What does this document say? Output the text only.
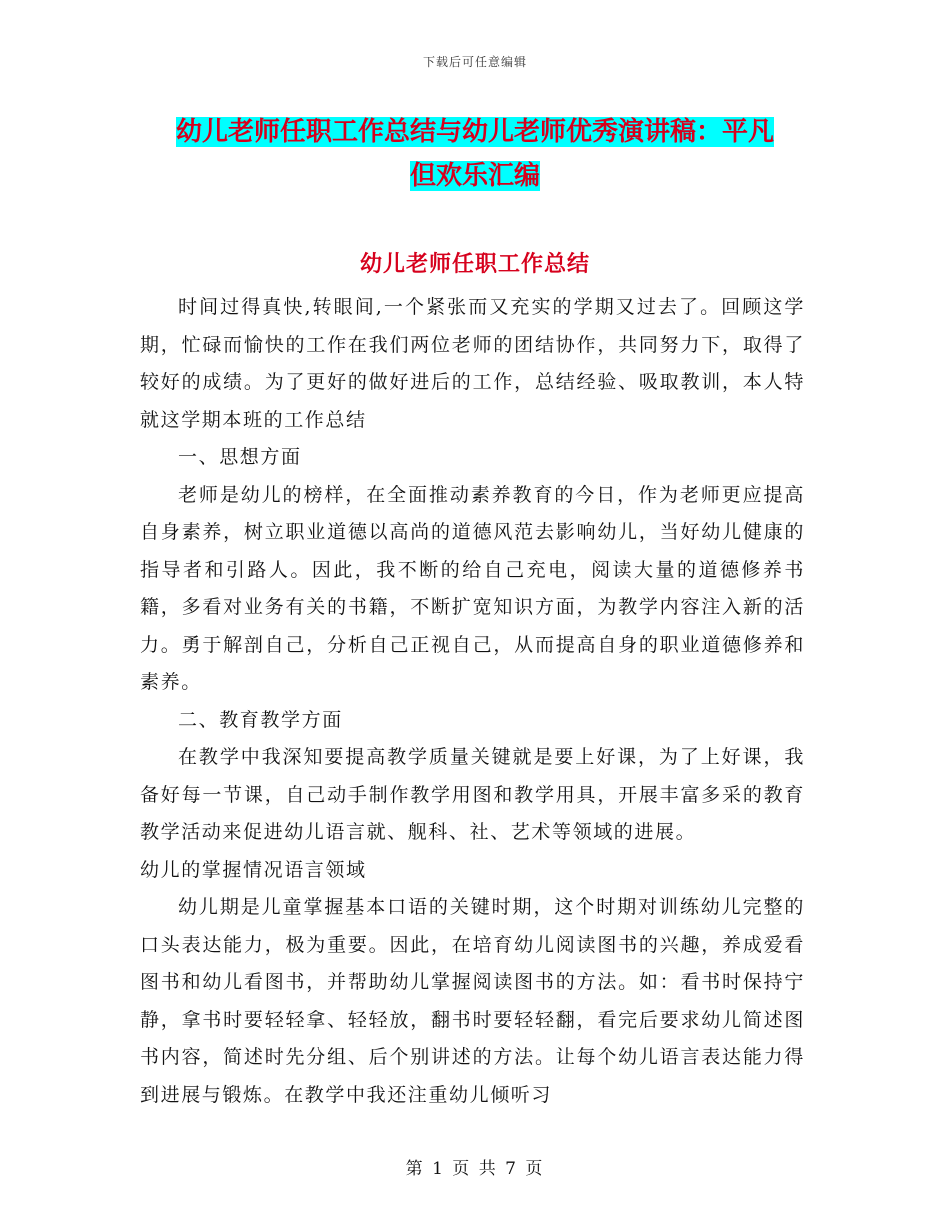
下载后可任意编辑
幼儿老师任职工作总结与幼儿老师优秀演讲稿：平凡
但欢乐汇编
幼儿老师任职工作总结

时间过得真快,转眼间,一个紧张而又充实的学期又过去了。回顾这学期，忙碌而愉快的工作在我们两位老师的团结协作，共同努力下，取得了较好的成绩。为了更好的做好进后的工作，总结经验、吸取教训，本人特就这学期本班的工作总结

一、思想方面

老师是幼儿的榜样，在全面推动素养教育的今日，作为老师更应提高自身素养，树立职业道德以高尚的道德风范去影响幼儿，当好幼儿健康的指导者和引路人。因此，我不断的给自己充电，阅读大量的道德修养书籍，多看对业务有关的书籍，不断扩宽知识方面，为教学内容注入新的活力。勇于解剖自己，分析自己正视自己，从而提高自身的职业道德修养和素养。

二、教育教学方面

在教学中我深知要提高教学质量关键就是要上好课，为了上好课，我备好每一节课，自己动手制作教学用图和教学用具，开展丰富多采的教育教学活动来促进幼儿语言就、舰科、社、艺术等领域的进展。

幼儿的掌握情况语言领域

幼儿期是儿童掌握基本口语的关键时期，这个时期对训练幼儿完整的口头表达能力，极为重要。因此，在培育幼儿阅读图书的兴趣，养成爱看图书和幼儿看图书，并帮助幼儿掌握阅读图书的方法。如：看书时保持宁静，拿书时要轻轻拿、轻轻放，翻书时要轻轻翻，看完后要求幼儿简述图书内容，简述时先分组、后个别讲述的方法。让每个幼儿语言表达能力得到进展与锻炼。在教学中我还注重幼儿倾听习

第 1 页 共 7 页
